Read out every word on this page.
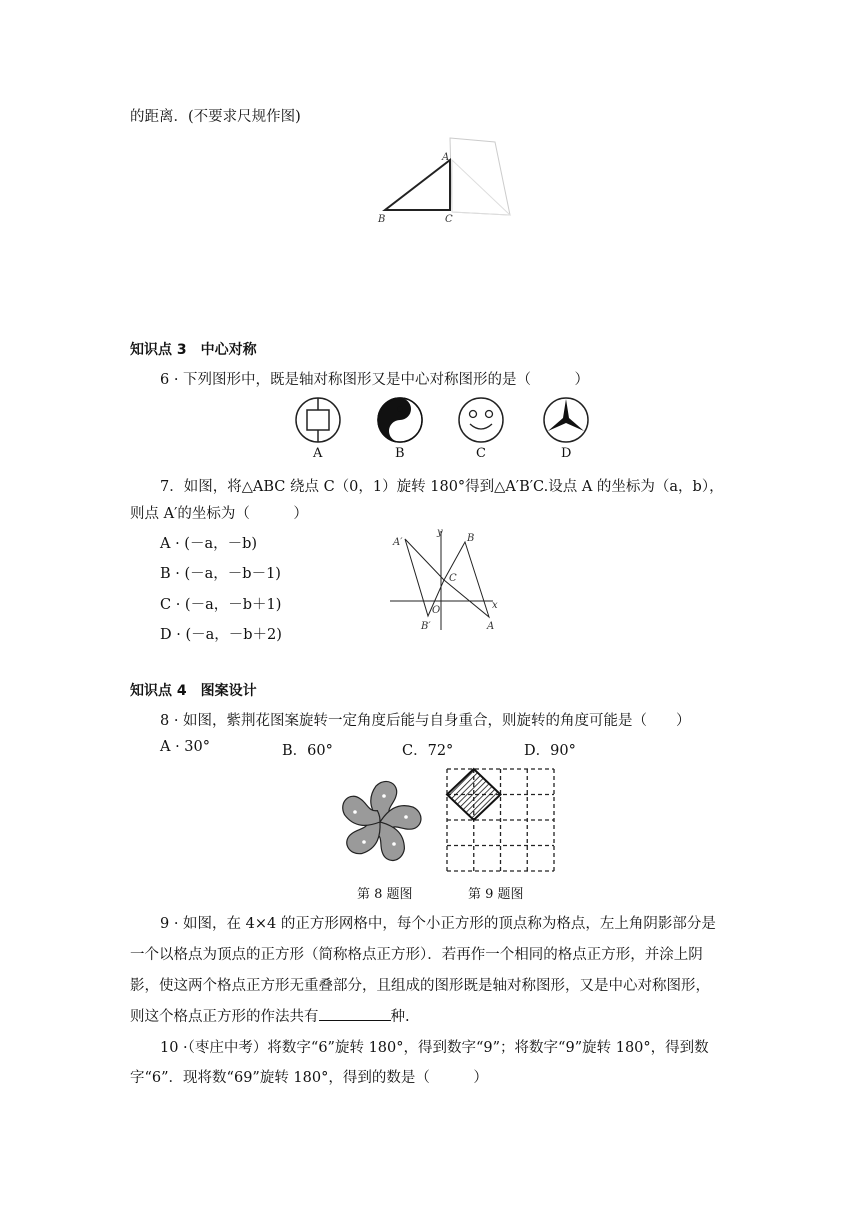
的距离．(不要求尺规作图)
A
B	C
知识点 3　中心对称
6 · 下列图形中，既是轴对称图形又是中心对称图形的是（　　　）
A	B	C	D
7．如图，将△ABC 绕点 C（0，1）旋转 180°得到△A′B′C.设点 A 的坐标为（a，b），
则点 A′的坐标为（　　　）
A · (－a，－b)
B · (－a，－b－1)
C · (－a，－b＋1)
D · (－a，－b＋2)
A′
y
B
C
O	x
B′	A
知识点 4　图案设计
8 · 如图，紫荆花图案旋转一定角度后能与自身重合，则旋转的角度可能是（　　）
A · 30°	B．60°	C．72°	D．90°
第 8 题图	第 9 题图
9 · 如图，在 4×4 的正方形网格中，每个小正方形的顶点称为格点，左上角阴影部分是
一个以格点为顶点的正方形（简称格点正方形）．若再作一个相同的格点正方形，并涂上阴
影，使这两个格点正方形无重叠部分，且组成的图形既是轴对称图形，又是中心对称图形，
则这个格点正方形的作法共有	种.
10 ·（枣庄中考）将数字“6”旋转 180°，得到数字“9”；将数字“9”旋转 180°，得到数
字“6”．现将数“69”旋转 180°，得到的数是（　　　）
